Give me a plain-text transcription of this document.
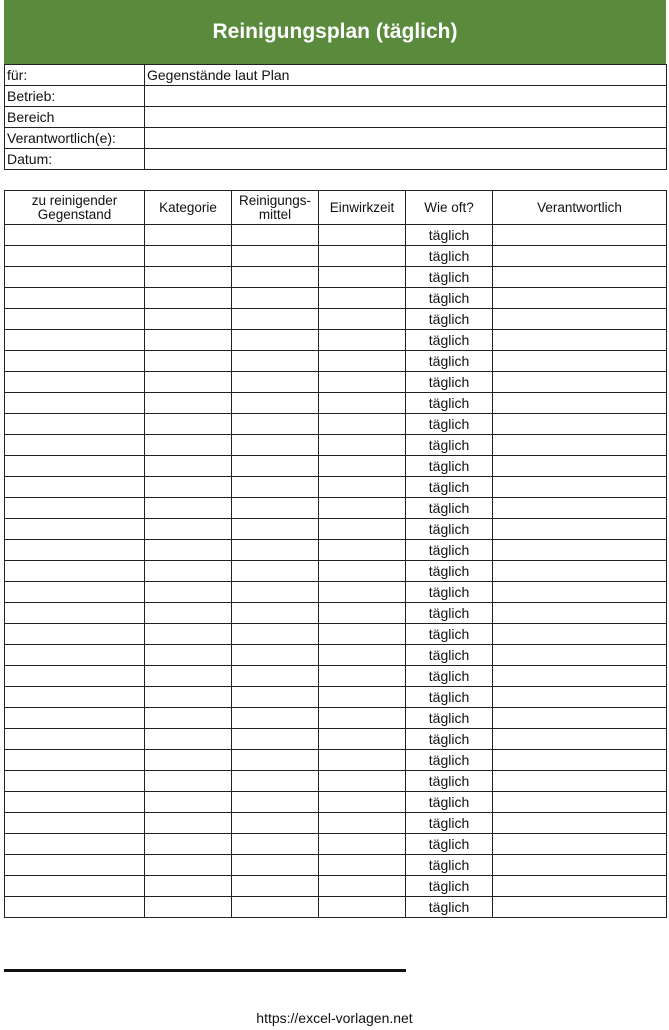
Reinigungsplan (täglich)
für:	Gegenstände laut Plan
Betrieb:	
Bereich	
Verantwortlich(e):	
Datum:	
zu reinigender Gegenstand	Kategorie	Reinigungs-mittel	Einwirkzeit	Wie oft?	Verantwortlich
				täglich	
				täglich	
				täglich	
				täglich	
				täglich	
				täglich	
				täglich	
				täglich	
				täglich	
				täglich	
				täglich	
				täglich	
				täglich	
				täglich	
				täglich	
				täglich	
				täglich	
				täglich	
				täglich	
				täglich	
				täglich	
				täglich	
				täglich	
				täglich	
				täglich	
				täglich	
				täglich	
				täglich	
				täglich	
				täglich	
				täglich	
				täglich	
				täglich	
https://excel-vorlagen.net
